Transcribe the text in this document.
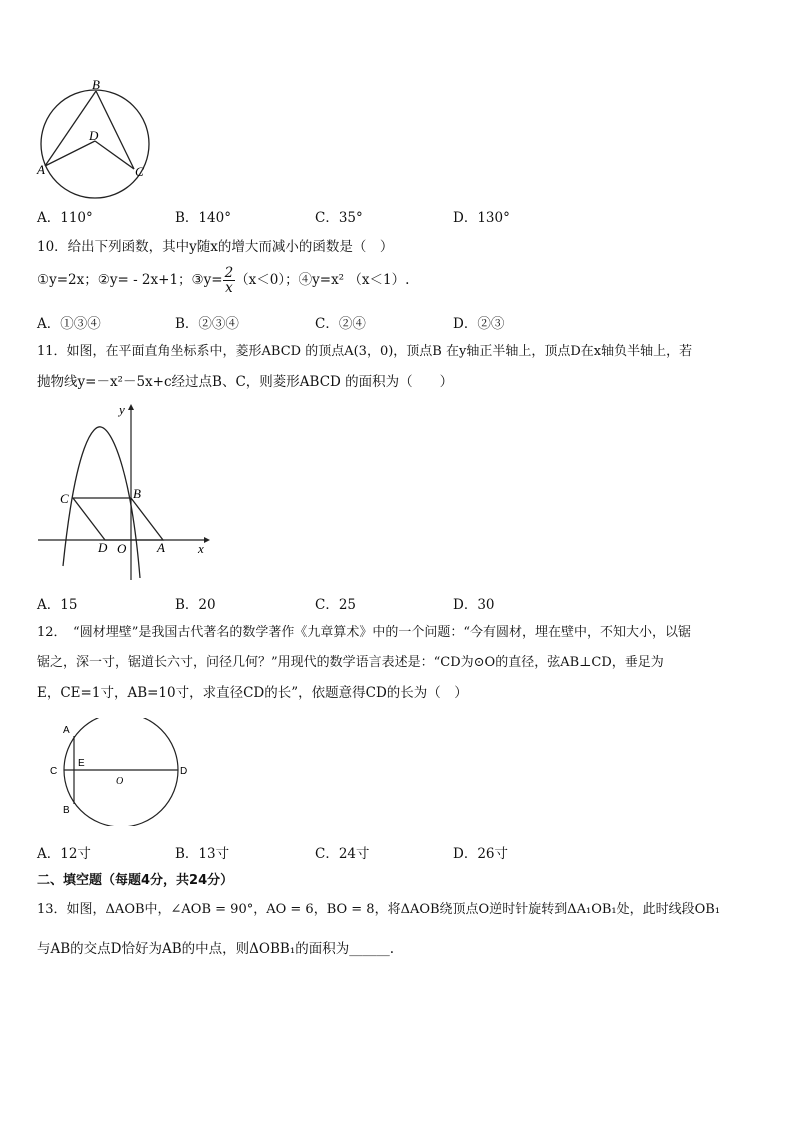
B
D
A	C
A．110°	B．140°	C．35°	D．130°
10．给出下列函数，其中y随x的增大而减小的函数是（　）
①y=2x；②y= - 2x+1；③y= $\frac{2}{x} (x<0)$；④y=x² （x＜1）.
A．①③④	B．②③④	C．②④	D．②③
11．如图，在平面直角坐标系中，菱形ABCD 的顶点A(3，0)，顶点B 在y轴正半轴上，顶点D在x轴负半轴上，若
抛物线y=－x²－5x+c经过点B、C，则菱形ABCD 的面积为（　　）
y
x
C	B
D O A
A．15	B．20	C．25	D．30
12．　“圆材埋壁”是我国古代著名的数学著作《九章算术》中的一个问题：“今有圆材，埋在壁中，不知大小，以锯
锯之，深一寸，锯道长六寸，问径几何？”用现代的数学语言表述是：“CD为⊙O的直径，弦AB⊥CD，垂足为
E，CE=1寸，AB=10寸，求直径CD的长”，依题意得CD的长为（　）
A
B
C	D
E
O
A．12寸	B．13寸	C．24寸	D．26寸
二、填空题（每题4分，共24分）
13．如图，ΔAOB中，∠AOB = 90°，AO = 6，BO = 8，将ΔAOB绕顶点O逆时针旋转到ΔA₁OB₁处，此时线段OB₁
与AB的交点D恰好为AB的中点，则ΔOBB₁的面积为______.
